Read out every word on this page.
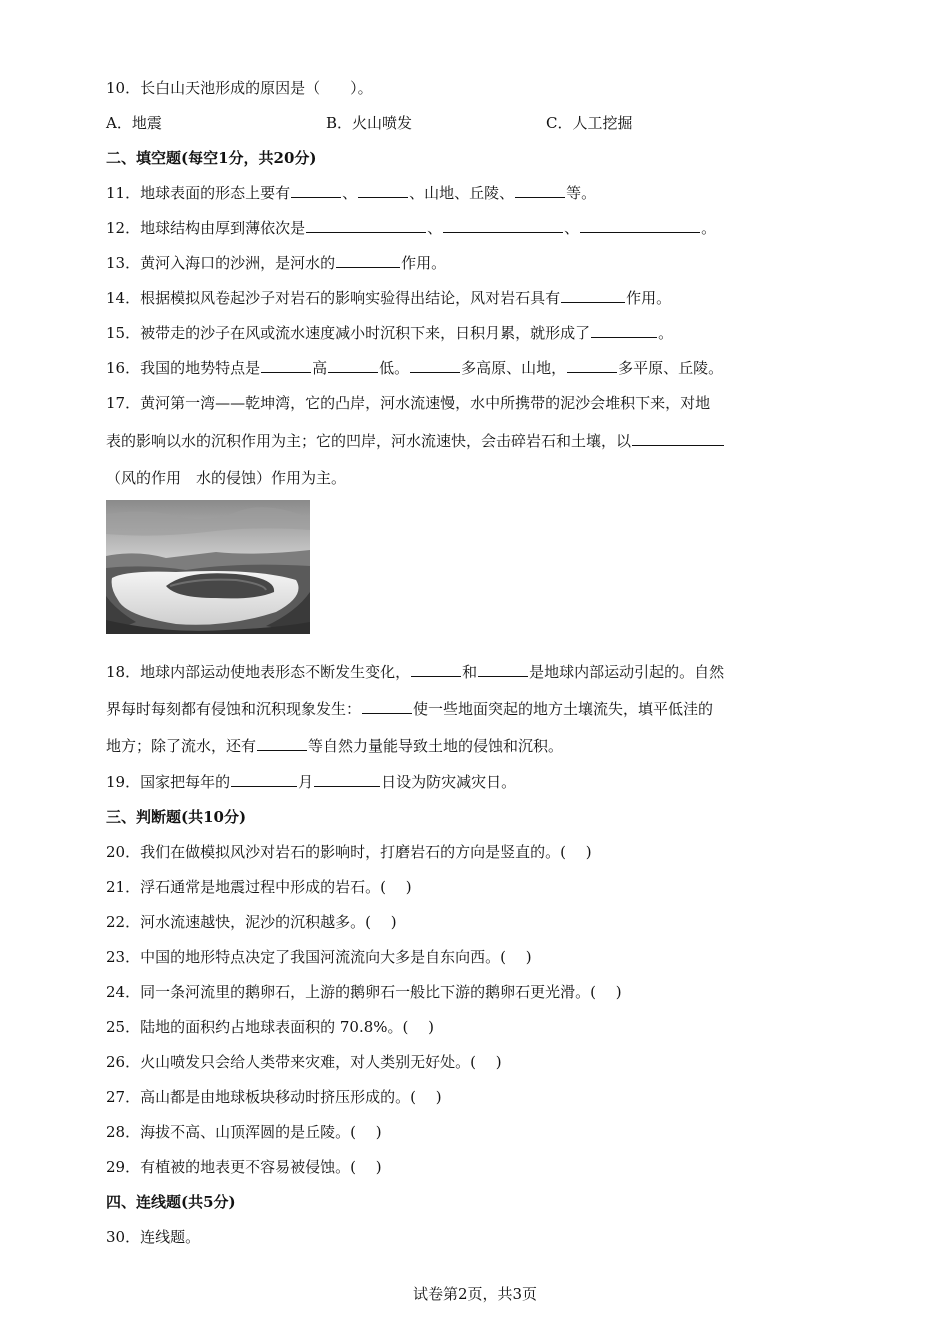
10．长白山天池形成的原因是（　　）。
A．地震	B．火山喷发	C．人工挖掘
二、填空题(每空1分，共20分)
11．地球表面的形态上要有	、	、山地、丘陵、	等。
12．地球结构由厚到薄依次是	、	、	。
13．黄河入海口的沙洲，是河水的	作用。
14．根据模拟风卷起沙子对岩石的影响实验得出结论，风对岩石具有	作用。
15．被带走的沙子在风或流水速度减小时沉积下来，日积月累，就形成了	。
16．我国的地势特点是	高	低。	多高原、山地，	多平原、丘陵。
17．黄河第一湾——乾坤湾，它的凸岸，河水流速慢，水中所携带的泥沙会堆积下来，对地
表的影响以水的沉积作用为主；它的凹岸，河水流速快，会击碎岩石和土壤，以
（风的作用　水的侵蚀）作用为主。
18．地球内部运动使地表形态不断发生变化，	和	是地球内部运动引起的。自然
界每时每刻都有侵蚀和沉积现象发生：	使一些地面突起的地方土壤流失，填平低洼的
地方；除了流水，还有	等自然力量能导致土地的侵蚀和沉积。
19．国家把每年的	月	日设为防灾减灾日。
三、判断题(共10分)
20．我们在做模拟风沙对岩石的影响时，打磨岩石的方向是竖直的。(　 )
21．浮石通常是地震过程中形成的岩石。(　 )
22．河水流速越快，泥沙的沉积越多。(　 )
23．中国的地形特点决定了我国河流流向大多是自东向西。(　 )
24．同一条河流里的鹅卵石，上游的鹅卵石一般比下游的鹅卵石更光滑。(　 )
25．陆地的面积约占地球表面积的 70.8%。(　 )
26．火山喷发只会给人类带来灾难，对人类别无好处。(　 )
27．高山都是由地球板块移动时挤压形成的。(　 )
28．海拔不高、山顶浑圆的是丘陵。(　 )
29．有植被的地表更不容易被侵蚀。(　 )
四、连线题(共5分)
30．连线题。
试卷第2页，共3页
